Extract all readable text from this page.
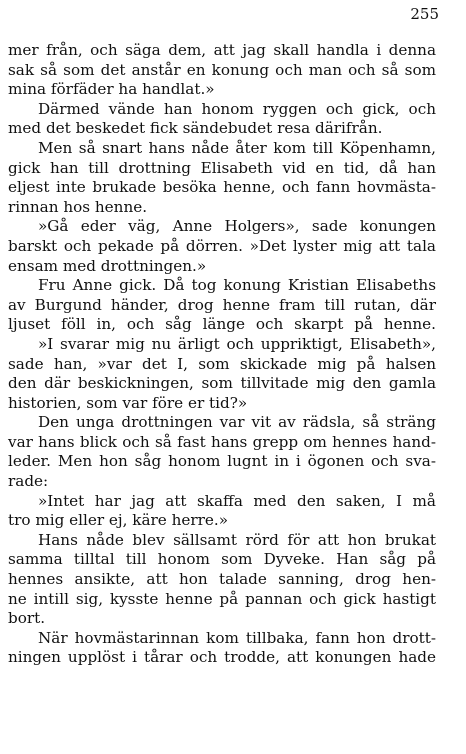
255
mer från, och säga dem, att jag skall handla i denna
sak så som det anstår en konung och man och så som
mina förfäder ha handlat.»
Därmed vände han honom ryggen och gick, och
med det beskedet fick sändebudet resa därifrån.
Men så snart hans nåde åter kom till Köpenhamn,
gick han till drottning Elisabeth vid en tid, då han
eljest inte brukade besöka henne, och fann hovmästa-
rinnan hos henne.
»Gå eder väg, Anne Holgers», sade konungen
barskt och pekade på dörren. »Det lyster mig att tala
ensam med drottningen.»
Fru Anne gick. Då tog konung Kristian Elisabeths
av Burgund händer, drog henne fram till rutan, där
ljuset föll in, och såg länge och skarpt på henne.
»I svarar mig nu ärligt och uppriktigt, Elisabeth»,
sade han, »var det I, som skickade mig på halsen
den där beskickningen, som tillvitade mig den gamla
historien, som var före er tid?»
Den unga drottningen var vit av rädsla, så sträng
var hans blick och så fast hans grepp om hennes hand-
leder. Men hon såg honom lugnt in i ögonen och sva-
rade:
»Intet har jag att skaffa med den saken, I må
tro mig eller ej, käre herre.»
Hans nåde blev sällsamt rörd för att hon brukat
samma tilltal till honom som Dyveke. Han såg på
hennes ansikte, att hon talade sanning, drog hen-
ne intill sig, kysste henne på pannan och gick hastigt
bort.
När hovmästarinnan kom tillbaka, fann hon drott-
ningen upplöst i tårar och trodde, att konungen hade
